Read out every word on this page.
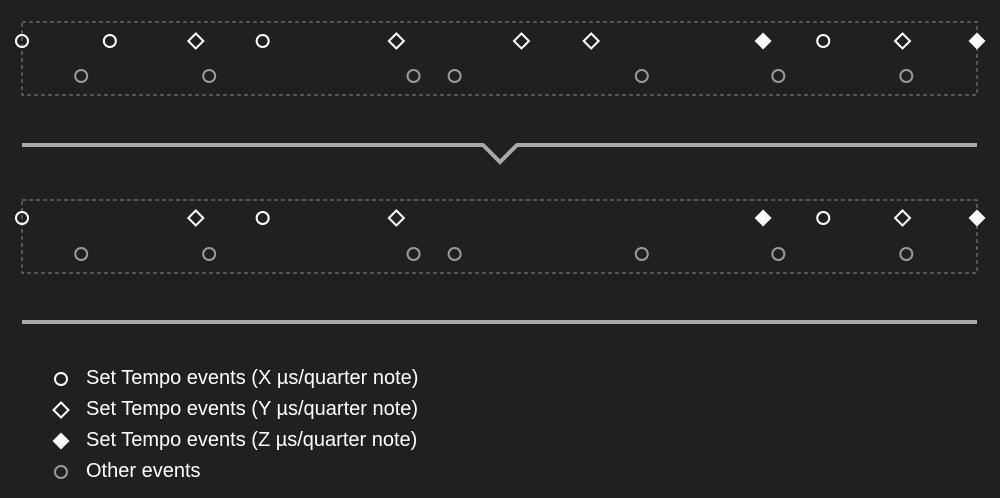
Set Tempo events (X µs/quarter note)
Set Tempo events (Y µs/quarter note)
Set Tempo events (Z µs/quarter note)
Other events
